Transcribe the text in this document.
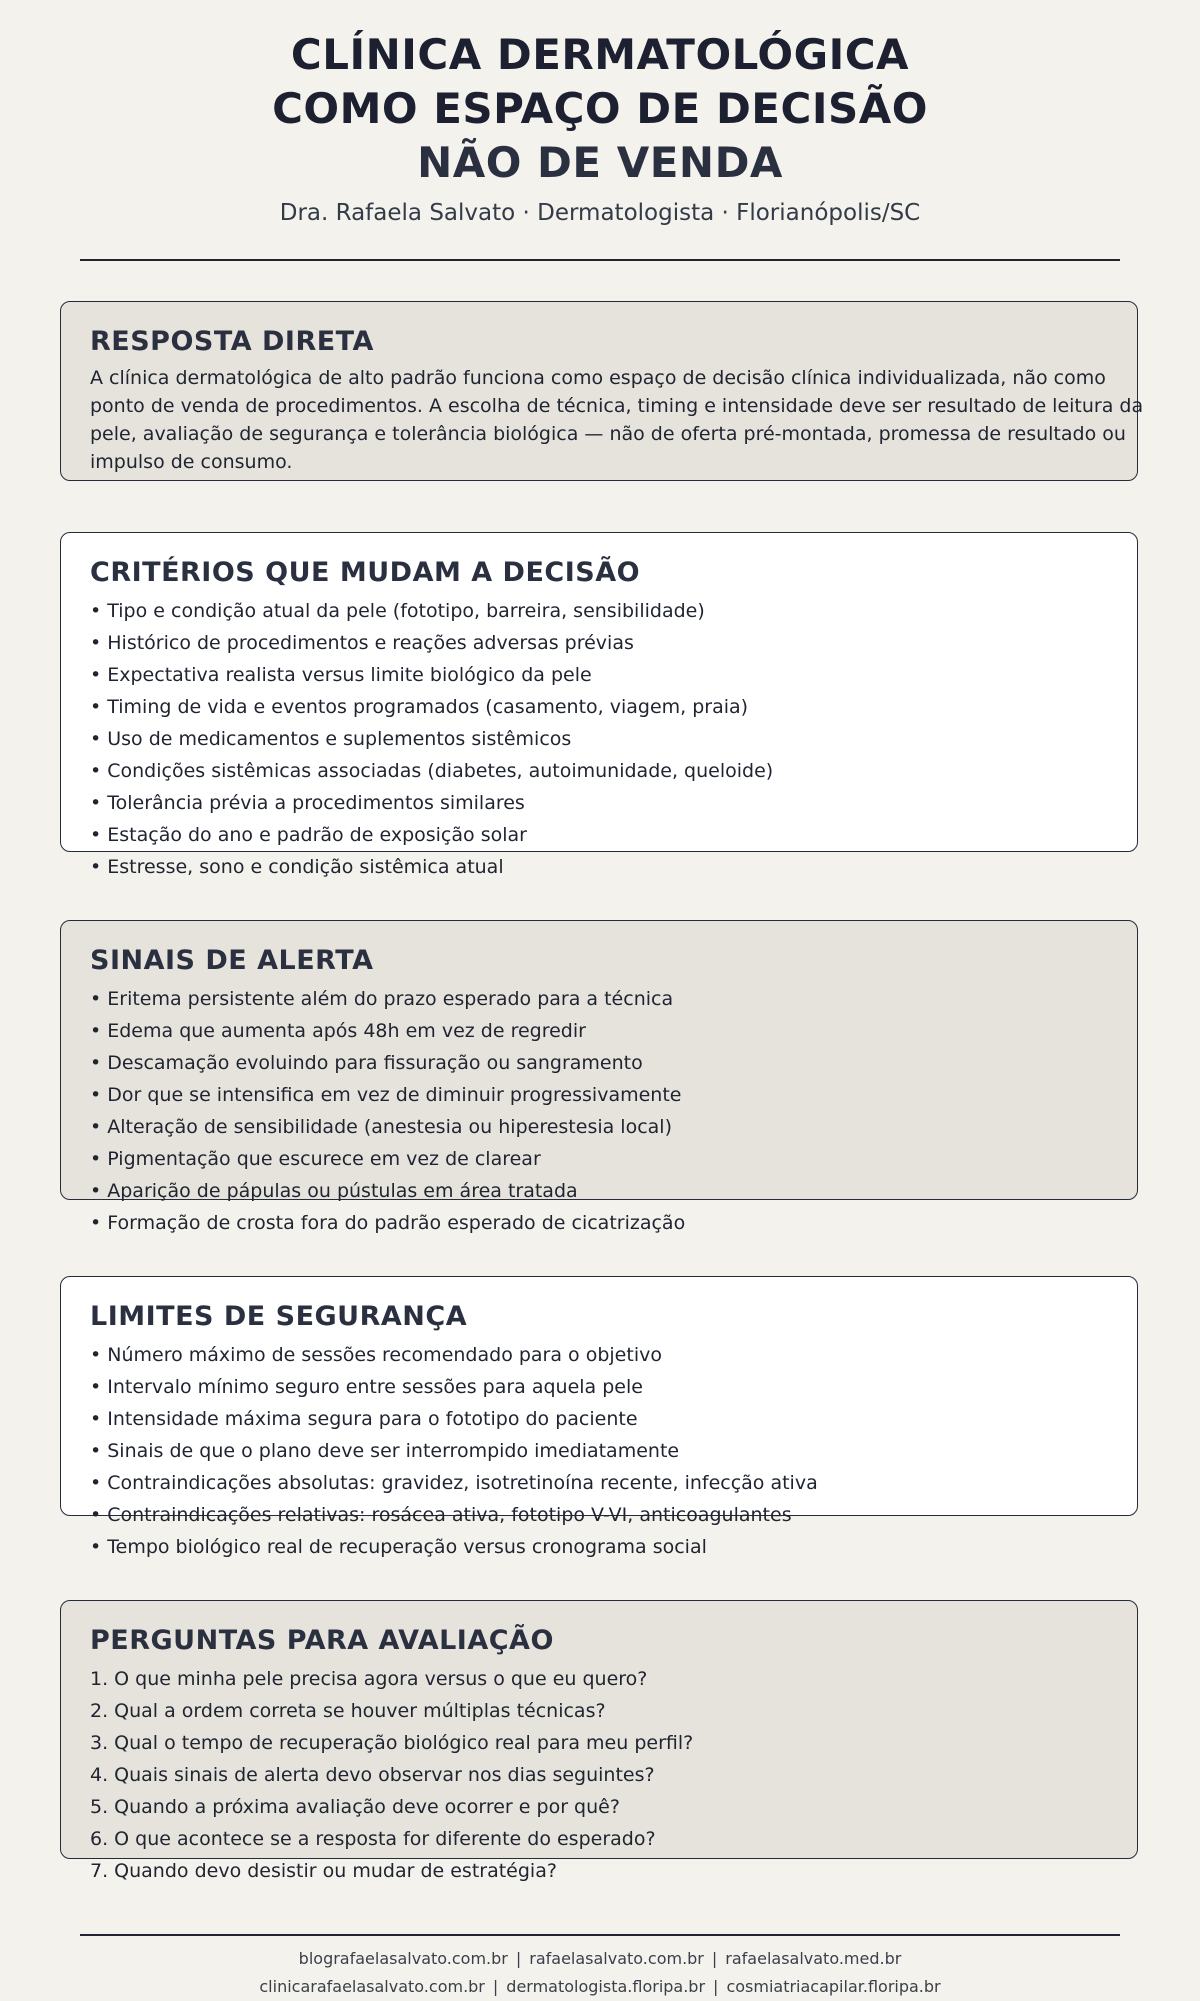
CLÍNICA DERMATOLÓGICA
COMO ESPAÇO DE DECISÃO
NÃO DE VENDA
Dra. Rafaela Salvato · Dermatologista · Florianópolis/SC
RESPOSTA DIRETA
A clínica dermatológica de alto padrão funciona como espaço de decisão clínica individualizada, não como ponto de venda de procedimentos. A escolha de técnica, timing e intensidade deve ser resultado de leitura da pele, avaliação de segurança e tolerância biológica — não de oferta pré-montada, promessa de resultado ou impulso de consumo.
CRITÉRIOS QUE MUDAM A DECISÃO
• Tipo e condição atual da pele (fototipo, barreira, sensibilidade)
• Histórico de procedimentos e reações adversas prévias
• Expectativa realista versus limite biológico da pele
• Timing de vida e eventos programados (casamento, viagem, praia)
• Uso de medicamentos e suplementos sistêmicos
• Condições sistêmicas associadas (diabetes, autoimunidade, queloide)
• Tolerância prévia a procedimentos similares
• Estação do ano e padrão de exposição solar
• Estresse, sono e condição sistêmica atual
SINAIS DE ALERTA
• Eritema persistente além do prazo esperado para a técnica
• Edema que aumenta após 48h em vez de regredir
• Descamação evoluindo para fissuração ou sangramento
• Dor que se intensifica em vez de diminuir progressivamente
• Alteração de sensibilidade (anestesia ou hiperestesia local)
• Pigmentação que escurece em vez de clarear
• Aparição de pápulas ou pústulas em área tratada
• Formação de crosta fora do padrão esperado de cicatrização
LIMITES DE SEGURANÇA
• Número máximo de sessões recomendado para o objetivo
• Intervalo mínimo seguro entre sessões para aquela pele
• Intensidade máxima segura para o fototipo do paciente
• Sinais de que o plano deve ser interrompido imediatamente
• Contraindicações absolutas: gravidez, isotretinoína recente, infecção ativa
• Contraindicações relativas: rosácea ativa, fototipo V-VI, anticoagulantes
• Tempo biológico real de recuperação versus cronograma social
PERGUNTAS PARA AVALIAÇÃO
1. O que minha pele precisa agora versus o que eu quero?
2. Qual a ordem correta se houver múltiplas técnicas?
3. Qual o tempo de recuperação biológico real para meu perfil?
4. Quais sinais de alerta devo observar nos dias seguintes?
5. Quando a próxima avaliação deve ocorrer e por quê?
6. O que acontece se a resposta for diferente do esperado?
7. Quando devo desistir ou mudar de estratégia?
blografaelasalvato.com.br | rafaelasalvato.com.br | rafaelasalvato.med.br
clinicarafaelasalvato.com.br | dermatologista.floripa.br | cosmiatriacapilar.floripa.br
